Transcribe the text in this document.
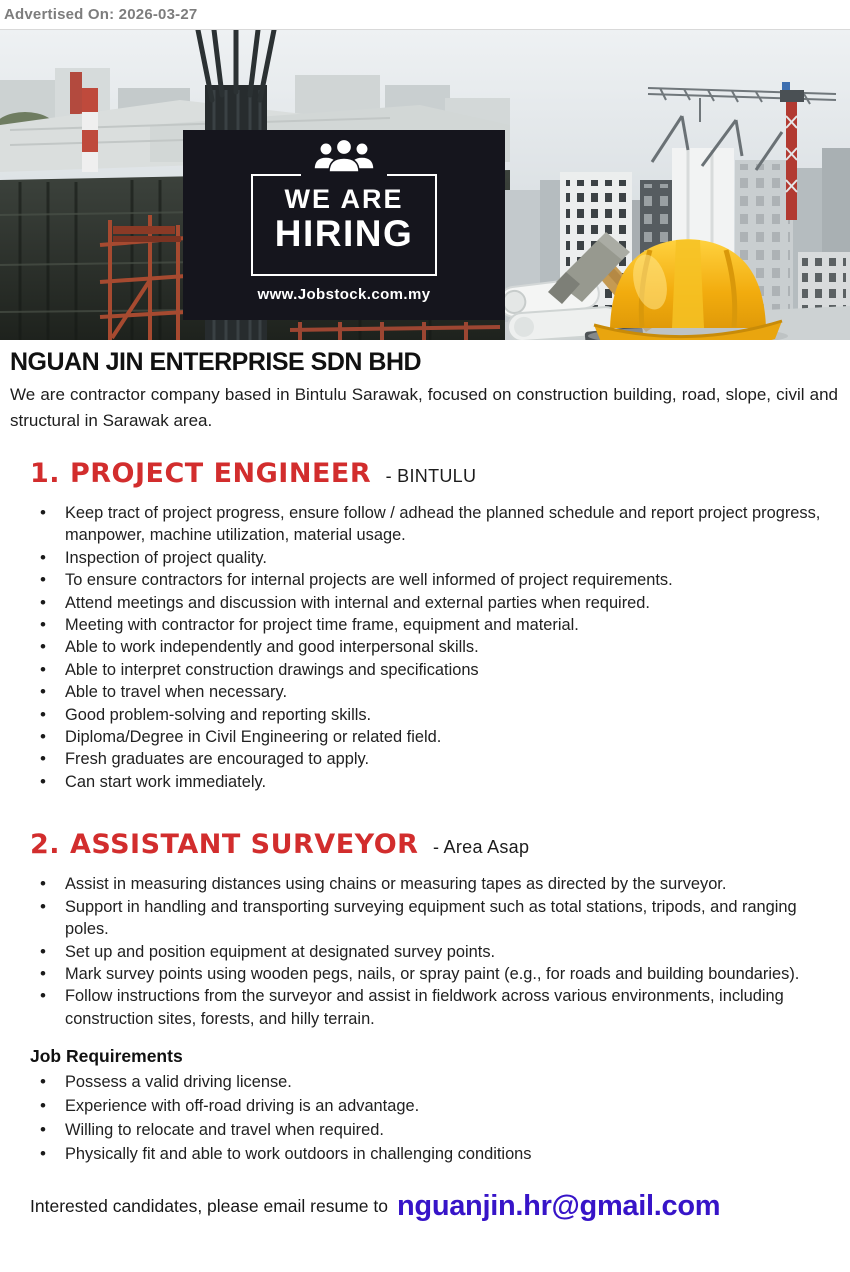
Advertised On: 2026-03-27
WE ARE
HIRING
www.Jobstock.com.my
NGUAN JIN ENTERPRISE SDN BHD

We are contractor company based in Bintulu Sarawak, focused on construction building, road, slope, civil and structural in Sarawak area.

1. PROJECT ENGINEER - BINTULU
• Keep tract of project progress, ensure follow / adhead the planned schedule and report project progress, manpower, machine utilization, material usage.
• Inspection of project quality.
• To ensure contractors for internal projects are well informed of project requirements.
• Attend meetings and discussion with internal and external parties when required.
• Meeting with contractor for project time frame, equipment and material.
• Able to work independently and good interpersonal skills.
• Able to interpret construction drawings and specifications
• Able to travel when necessary.
• Good problem-solving and reporting skills.
• Diploma/Degree in Civil Engineering or related field.
• Fresh graduates are encouraged to apply.
• Can start work immediately.
2. ASSISTANT SURVEYOR - Area Asap
• Assist in measuring distances using chains or measuring tapes as directed by the surveyor.
• Support in handling and transporting surveying equipment such as total stations, tripods, and ranging poles.
• Set up and position equipment at designated survey points.
• Mark survey points using wooden pegs, nails, or spray paint (e.g., for roads and building boundaries).
• Follow instructions from the surveyor and assist in fieldwork across various environments, including construction sites, forests, and hilly terrain.
Job Requirements
• Possess a valid driving license.
• Experience with off-road driving is an advantage.
• Willing to relocate and travel when required.
• Physically fit and able to work outdoors in challenging conditions
Interested candidates, please email resume to nguanjin.hr@gmail.com
